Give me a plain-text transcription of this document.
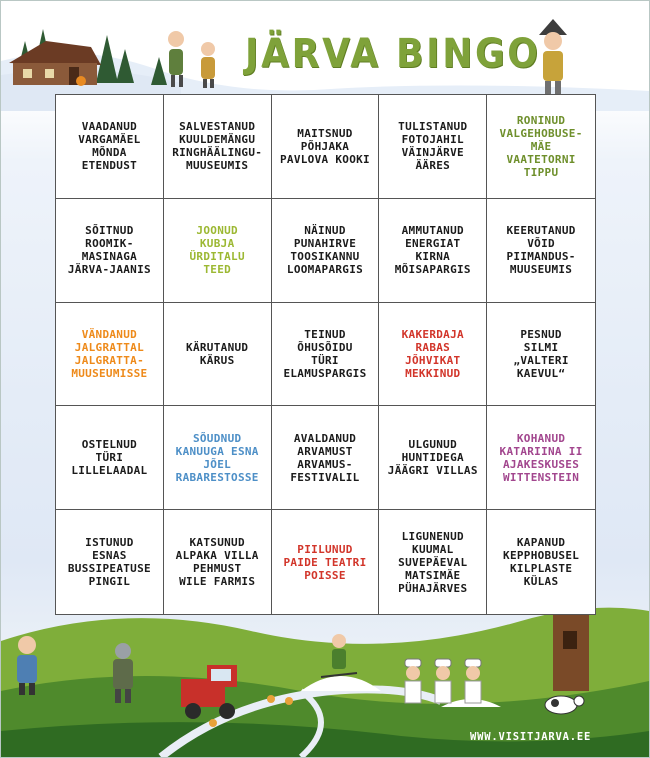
JÄRVA BINGO
VAADANUD
VARGAMÄEL
MÕNDA
ETENDUST
SALVESTANUD
KUULDEMÄNGU
RINGHÄÄLINGU-
MUUSEUMIS
MAITSNUD
PÕHJAKA
PAVLOVA KOOKI
TULISTANUD
FOTOJAHIL
VÄINJÄRVE
ÄÄRES
RONINUD
VALGEHOBUSE-
MÄE
VAATETORNI
TIPPU
SÕITNUD
ROOMIK-
MASINAGA
JÄRVA-JAANIS
JOONUD
KUBJA
ÜRDITALU
TEED
NÄINUD
PUNAHIRVE
TOOSIKANNU
LOOMAPARGIS
AMMUTANUD
ENERGIAT
KIRNA
MÕISAPARGIS
KEERUTANUD
VÕID
PIIMANDUS-
MUUSEUMIS
VÄNDANUD
JALGRATTAL
JALGRATTA-
MUUSEUMISSE
KÄRUTANUD
KÄRUS
TEINUD
ÕHUSÕIDU
TÜRI
ELAMUSPARGIS
KAKERDAJA
RABAS
JÕHVIKAT
MEKKINUD
PESNUD
SILMI
„VALTERI
KAEVUL“
OSTELNUD
TÜRI
LILLELAADAL
SÕUDNUD
KANUUGA ESNA
JÕEL
RABARESTOSSE
AVALDANUD
ARVAMUST
ARVAMUS-
FESTIVALIL
ULGUNUD
HUNTIDEGA
JÄÄGRI VILLAS
KOHANUD
KATARIINA II
AJAKESKUSES
WITTENSTEIN
ISTUNUD
ESNAS
BUSSIPEATUSE
PINGIL
KATSUNUD
ALPAKA VILLA
PEHMUST
WILE FARMIS
PIILUNUD
PAIDE TEATRI
POISSE
LIGUNENUD
KUUMAL
SUVEPÄEVAL
MATSIMÄE
PÜHAJÄRVES
KAPANUD
KEPPHOBUSEL
KILPLASTE
KÜLAS
WWW.VISITJARVA.EE
